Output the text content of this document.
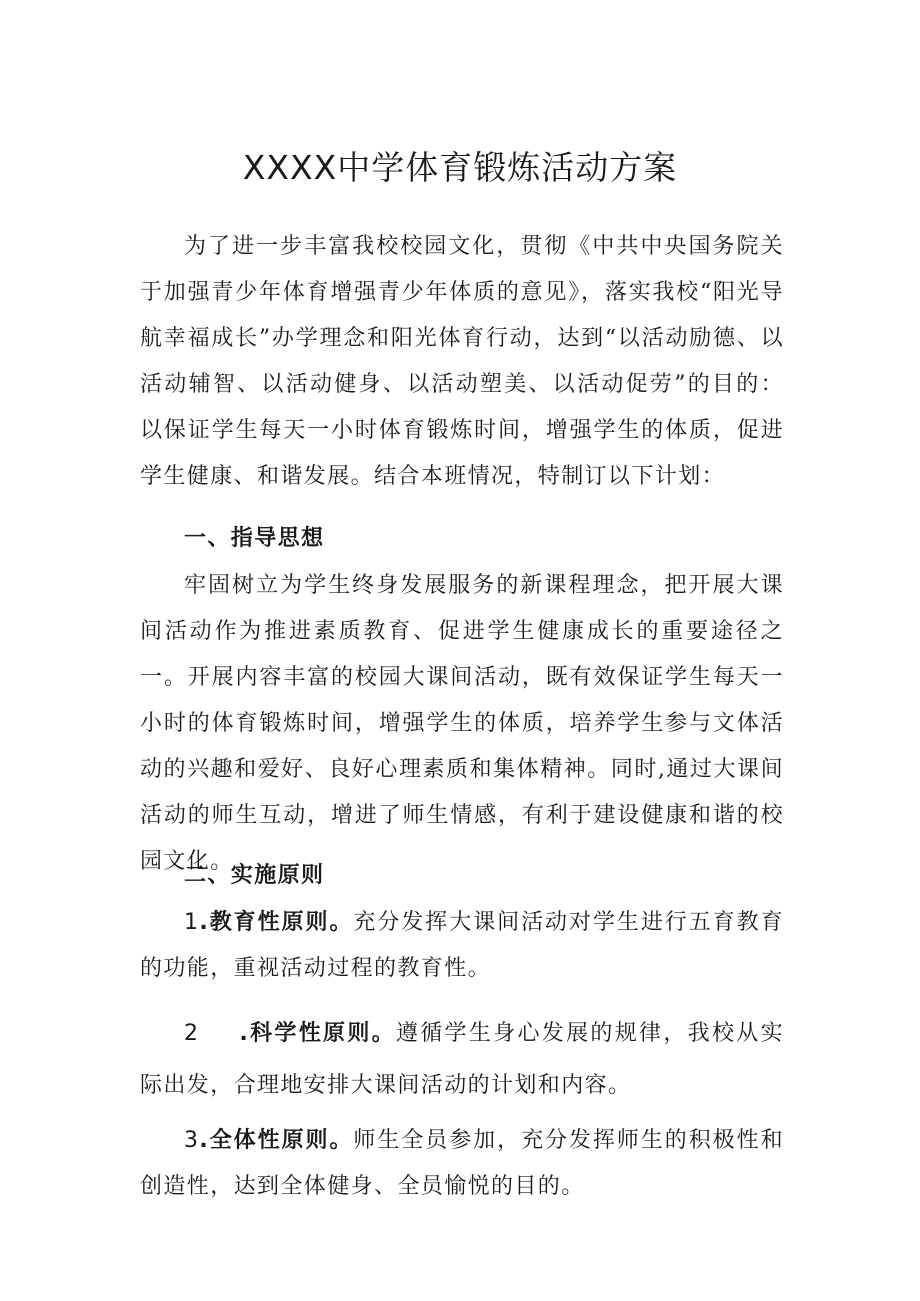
XXXX中学体育锻炼活动方案

为了进一步丰富我校校园文化，贯彻《中共中央国务院关于加强青少年体育增强青少年体质的意见》，落实我校“阳光导航幸福成长”办学理念和阳光体育行动，达到“以活动励德、以活动辅智、以活动健身、以活动塑美、以活动促劳”的目的：以保证学生每天一小时体育锻炼时间，增强学生的体质，促进学生健康、和谐发展。结合本班情况，特制订以下计划：

一、指导思想

牢固树立为学生终身发展服务的新课程理念，把开展大课间活动作为推进素质教育、促进学生健康成长的重要途径之一。开展内容丰富的校园大课间活动，既有效保证学生每天一小时的体育锻炼时间，增强学生的体质，培养学生参与文体活动的兴趣和爱好、良好心理素质和集体精神。同时,通过大课间活动的师生互动，增进了师生情感，有利于建设健康和谐的校园文化。

二、实施原则

1.教育性原则。充分发挥大课间活动对学生进行五育教育的功能，重视活动过程的教育性。

2 .科学性原则。遵循学生身心发展的规律，我校从实际出发，合理地安排大课间活动的计划和内容。

3.全体性原则。师生全员参加，充分发挥师生的积极性和创造性，达到全体健身、全员愉悦的目的。
